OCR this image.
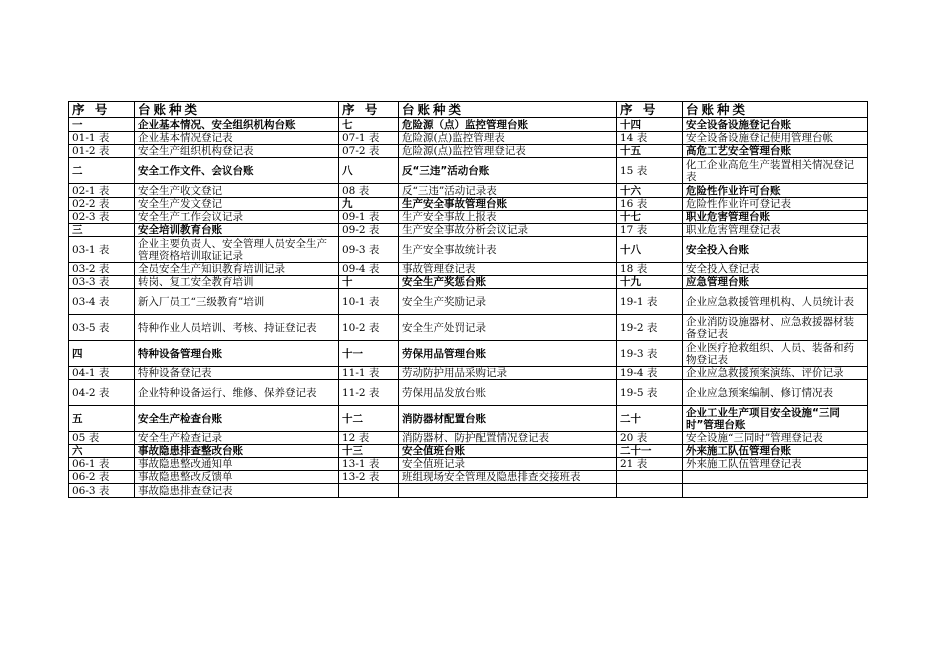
序 号	台账种类	序 号	台账种类	序 号	台账种类
一	企业基本情况、安全组织机构台账	七	危险源（点）监控管理台账	十四	安全设备设施登记台账
01-1 表	企业基本情况登记表	07-1 表	危险源(点)监控管理表	14 表	安全设备设施登记使用管理台帐
01-2 表	安全生产组织机构登记表	07-2 表	危险源(点)监控管理登记表	十五	高危工艺安全管理台账
二	安全工作文件、会议台账	八	反“三违”活动台账	15 表	化工企业高危生产装置相关情况登记表
02-1 表	安全生产收文登记	08 表	反“三违”活动记录表	十六	危险性作业许可台账
02-2 表	安全生产发文登记	九	生产安全事故管理台账	16 表	危险性作业许可登记表
02-3 表	安全生产工作会议记录	09-1 表	生产安全事故上报表	十七	职业危害管理台账
三	安全培训教育台账	09-2 表	生产安全事故分析会议记录	17 表	职业危害管理登记表
03-1 表	企业主要负责人、安全管理人员安全生产管理资格培训取证记录	09-3 表	生产安全事故统计表	十八	安全投入台账
03-2 表	全员安全生产知识教育培训记录	09-4 表	事故管理登记表	18 表	安全投入登记表
03-3 表	转岗、复工安全教育培训	十	安全生产奖惩台账	十九	应急管理台账
03-4 表	新入厂员工“三级教育”培训	10-1 表	安全生产奖励记录	19-1 表	企业应急救援管理机构、人员统计表
03-5 表	特种作业人员培训、考核、持证登记表	10-2 表	安全生产处罚记录	19-2 表	企业消防设施器材、应急救援器材装备登记表
四	特种设备管理台账	十一	劳保用品管理台账	19-3 表	企业医疗抢救组织、人员、装备和药物登记表
04-1 表	特种设备登记表	11-1 表	劳动防护用品采购记录	19-4 表	企业应急救援预案演练、评价记录
04-2 表	企业特种设备运行、维修、保养登记表	11-2 表	劳保用品发放台账	19-5 表	企业应急预案编制、修订情况表
五	安全生产检查台账	十二	消防器材配置台账	二十	企业工业生产项目安全设施“三同时”管理台账
05 表	安全生产检查记录	12 表	消防器材、防护配置情况登记表	20 表	安全设施“三同时”管理登记表
六	事故隐患排查整改台账	十三	安全值班台账	二十一	外来施工队伍管理台账
06-1 表	事故隐患整改通知单	13-1 表	安全值班记录	21 表	外来施工队伍管理登记表
06-2 表	事故隐患整改反馈单	13-2 表	班组现场安全管理及隐患排查交接班表		
06-3 表	事故隐患排查登记表				
